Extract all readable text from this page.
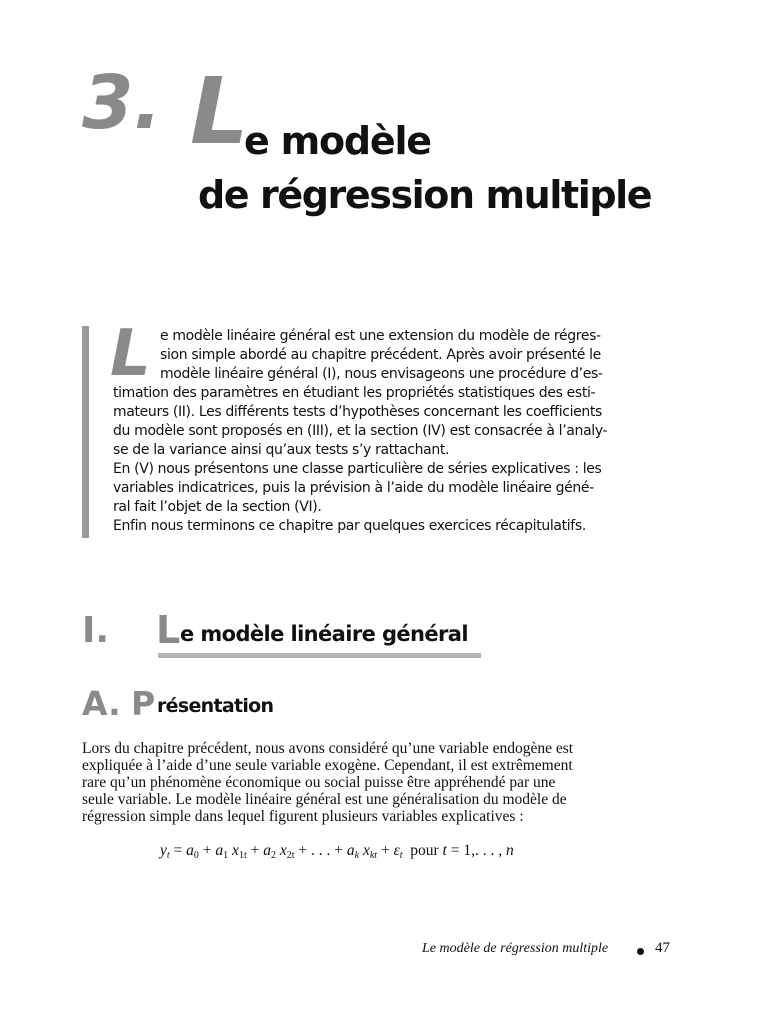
3. L
e modèle
de régression multiple
L e modèle linéaire général est une extension du modèle de régres-
sion simple abordé au chapitre précédent. Après avoir présenté le
modèle linéaire général (I), nous envisageons une procédure d’es-
timation des paramètres en étudiant les propriétés statistiques des esti-
mateurs (II). Les différents tests d’hypothèses concernant les coefficients
du modèle sont proposés en (III), et la section (IV) est consacrée à l’analy-
se de la variance ainsi qu’aux tests s’y rattachant.
En (V) nous présentons une classe particulière de séries explicatives : les
variables indicatrices, puis la prévision à l’aide du modèle linéaire géné-
ral fait l’objet de la section (VI).
Enfin nous terminons ce chapitre par quelques exercices récapitulatifs.
I. L e modèle linéaire général
A. P résentation
Lors du chapitre précédent, nous avons considéré qu’une variable endogène est
expliquée à l’aide d’une seule variable exogène. Cependant, il est extrêmement
rare qu’un phénomène économique ou social puisse être appréhendé par une
seule variable. Le modèle linéaire général est une généralisation du modèle de
régression simple dans lequel figurent plusieurs variables explicatives :
$y_t = a_0 + a_1$ $x_{1t} + a_2$ $x_{2t}$ + . . . + $a_k$ $x_{kt} + \varepsilon_t$ pour t = 1,. . . , n
Le modèle de régression multiple	47
